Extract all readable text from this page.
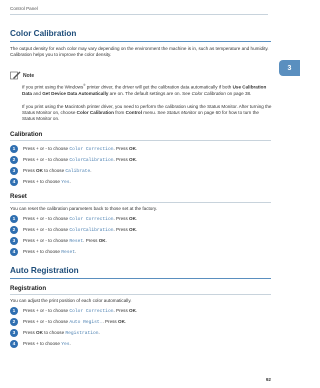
Control Panel
3
Color Calibration
The output density for each color may vary depending on the environment the machine is in, such as temperature and humidity. Calibration helps you to improve the color density.
Note
If you print using the Windows® printer driver, the driver will get the calibration data automatically if both Use Calibration Data and Get Device Data Automatically are on. The default settings are on. See Color Calibration on page 38.
If you print using the Macintosh printer driver, you need to perform the calibration using the Status Monitor. After turning the Status Monitor on, choose Color Calibration from Control menu. See Status Monitor on page 60 for how to turn the Status Monitor on.
Calibration
1	Press + or - to choose Color Correction. Press OK.
2	Press + or - to choose ColorCalibration. Press OK.
3	Press OK to choose Calibrate.
4	Press + to choose Yes.
Reset
You can reset the calibration parameters back to those set at the factory.
1	Press + or - to choose Color Correction. Press OK.
2	Press + or - to choose ColorCalibration. Press OK.
3	Press + or - to choose Reset. Press OK.
4	Press + to choose Reset.
Auto Registration
Registration
You can adjust the print position of each color automatically.
1	Press + or - to choose Color Correction. Press OK.
2	Press + or - to choose Auto Regist.. Press OK.
3	Press OK to choose Registration.
4	Press + to choose Yes.
92
